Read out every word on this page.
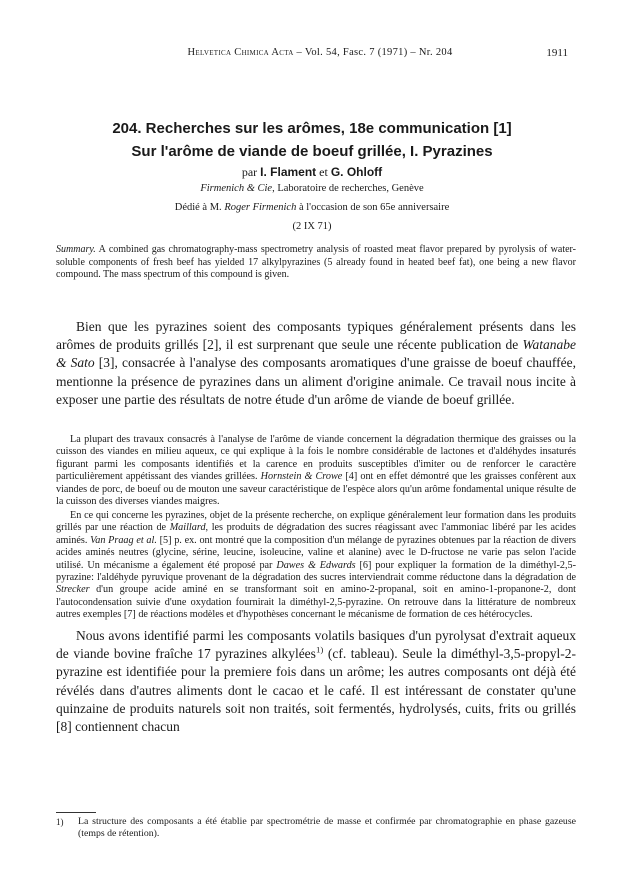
Helvetica Chimica Acta – Vol. 54, Fasc. 7 (1971) – Nr. 204	1911
204. Recherches sur les arômes, 18e communication [1]
Sur l'arôme de viande de boeuf grillée, I. Pyrazines
par I. Flament et G. Ohloff
Firmenich & Cie, Laboratoire de recherches, Genève
Dédié à M. Roger Firmenich à l'occasion de son 65e anniversaire
(2 IX 71)
Summary. A combined gas chromatography-mass spectrometry analysis of roasted meat flavor prepared by pyrolysis of water-soluble components of fresh beef has yielded 17 alkylpyrazines (5 already found in heated beef fat), one being a new flavor compound. The mass spectrum of this compound is given.
Bien que les pyrazines soient des composants typiques généralement présents dans les arômes de produits grillés [2], il est surprenant que seule une récente publication de Watanabe & Sato [3], consacrée à l'analyse des composants aromatiques d'une graisse de boeuf chauffée, mentionne la présence de pyrazines dans un aliment d'origine animale. Ce travail nous incite à exposer une partie des résultats de notre étude d'un arôme de viande de boeuf grillée.
La plupart des travaux consacrés à l'analyse de l'arôme de viande concernent la dégradation thermique des graisses ou la cuisson des viandes en milieu aqueux, ce qui explique à la fois le nombre considérable de lactones et d'aldéhydes insaturés figurant parmi les composants identifiés et la carence en produits susceptibles d'imiter ou de renforcer le caractère particulièrement appétissant des viandes grillées. Hornstein & Crowe [4] ont en effet démontré que les graisses confèrent aux viandes de porc, de boeuf ou de mouton une saveur caractéristique de l'espèce alors qu'un arôme fondamental unique résulte de la cuisson des diverses viandes maigres.
En ce qui concerne les pyrazines, objet de la présente recherche, on explique généralement leur formation dans les produits grillés par une réaction de Maillard, les produits de dégradation des sucres réagissant avec l'ammoniac libéré par les acides aminés. Van Praag et al. [5] p. ex. ont montré que la composition d'un mélange de pyrazines obtenues par la réaction de divers acides aminés neutres (glycine, sérine, leucine, isoleucine, valine et alanine) avec le D-fructose ne varie pas selon l'acide utilisé. Un mécanisme a également été proposé par Dawes & Edwards [6] pour expliquer la formation de la diméthyl-2,5-pyrazine: l'aldéhyde pyruvique provenant de la dégradation des sucres interviendrait comme réductone dans la dégradation de Strecker d'un groupe acide aminé en se transformant soit en amino-2-propanal, soit en amino-1-propanone-2, dont l'autocondensation suivie d'une oxydation fournirait la diméthyl-2,5-pyrazine. On retrouve dans la littérature de nombreux autres exemples [7] de réactions modèles et d'hypothèses concernant le mécanisme de formation de ces hétérocycles.
Nous avons identifié parmi les composants volatils basiques d'un pyrolysat d'extrait aqueux de viande bovine fraîche 17 pyrazines alkylées$^{1)}$ (cf. tableau). Seule la diméthyl-3,5-propyl-2-pyrazine est identifiée pour la premiere fois dans un arôme; les autres composants ont déjà été révélés dans d'autres aliments dont le cacao et le café. Il est intéressant de constater qu'une quinzaine de produits naturels soit non traités, soit fermentés, hydrolysés, cuits, frits ou grillés [8] contiennent chacun
1) La structure des composants a été établie par spectrométrie de masse et confirmée par chromatographie en phase gazeuse (temps de rétention).
